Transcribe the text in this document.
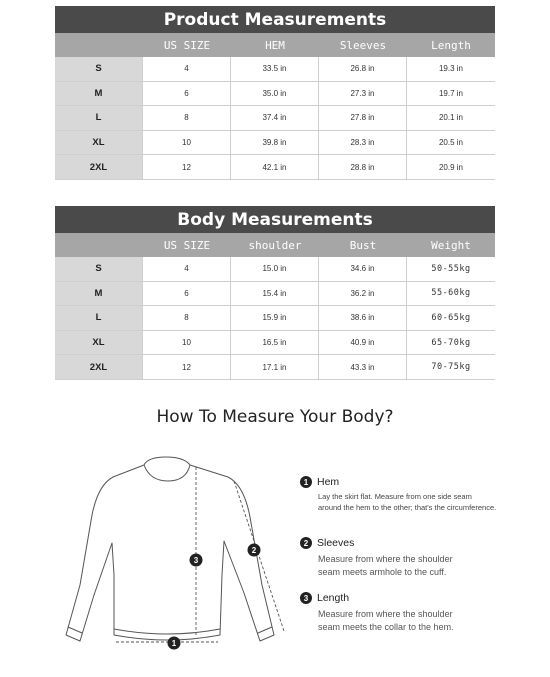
Product Measurements
US SIZE	HEM	Sleeves	Length
S	4	33.5 in	26.8 in	19.3 in
M	6	35.0 in	27.3 in	19.7 in
L	8	37.4 in	27.8 in	20.1 in
XL	10	39.8 in	28.3 in	20.5 in
2XL	12	42.1 in	28.8 in	20.9 in
Body Measurements
US SIZE	shoulder	Bust	Weight
S	4	15.0 in	34.6 in	50-55kg
M	6	15.4 in	36.2 in	55-60kg
L	8	15.9 in	38.6 in	60-65kg
XL	10	16.5 in	40.9 in	65-70kg
2XL	12	17.1 in	43.3 in	70-75kg
How To Measure Your Body?
3
2
1
1 Hem
Lay the skirt flat. Measure from one side seam
around the hem to the other; that's the circumference.
2 Sleeves
Measure from where the shoulder
seam meets armhole to the cuff.
3 Length
Measure from where the shoulder
seam meets the collar to the hem.
